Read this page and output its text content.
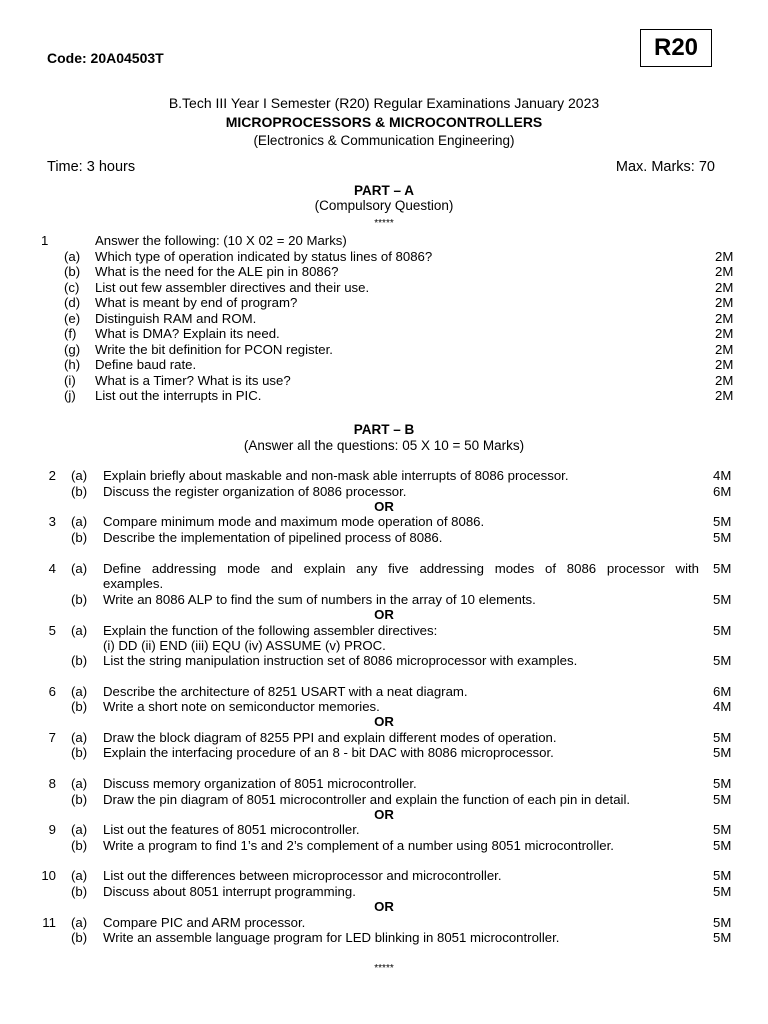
Code: 20A04503T	R20
B.Tech III Year I Semester (R20) Regular Examinations January 2023
MICROPROCESSORS & MICROCONTROLLERS
(Electronics & Communication Engineering)
Time: 3 hours	Max. Marks: 70
PART – A
(Compulsory Question)
*****
1	Answer the following: (10 X 02 = 20 Marks)
(a) Which type of operation indicated by status lines of 8086?	2M
(b) What is the need for the ALE pin in 8086?	2M
(c) List out few assembler directives and their use.	2M
(d) What is meant by end of program?	2M
(e) Distinguish RAM and ROM.	2M
(f) What is DMA? Explain its need.	2M
(g) Write the bit definition for PCON register.	2M
(h) Define baud rate.	2M
(i) What is a Timer? What is its use?	2M
(j) List out the interrupts in PIC.	2M
PART – B
(Answer all the questions: 05 X 10 = 50 Marks)
2 (a) Explain briefly about maskable and non-mask able interrupts of 8086 processor.	4M
(b) Discuss the register organization of 8086 processor.	6M
OR
3 (a) Compare minimum mode and maximum mode operation of 8086.	5M
(b) Describe the implementation of pipelined process of 8086.	5M
4 (a) Define addressing mode and explain any five addressing modes of 8086 processor with 5M
examples.
(b) Write an 8086 ALP to find the sum of numbers in the array of 10 elements.	5M
OR
5 (a) Explain the function of the following assembler directives:	5M
(i) DD (ii) END (iii) EQU (iv) ASSUME (v) PROC.
(b) List the string manipulation instruction set of 8086 microprocessor with examples.	5M
6 (a) Describe the architecture of 8251 USART with a neat diagram.	6M
(b) Write a short note on semiconductor memories.	4M
OR
7 (a) Draw the block diagram of 8255 PPI and explain different modes of operation.	5M
(b) Explain the interfacing procedure of an 8 - bit DAC with 8086 microprocessor.	5M
8 (a) Discuss memory organization of 8051 microcontroller.	5M
(b) Draw the pin diagram of 8051 microcontroller and explain the function of each pin in detail.	5M
OR
9 (a) List out the features of 8051 microcontroller.	5M
(b) Write a program to find 1’s and 2’s complement of a number using 8051 microcontroller.	5M
10 (a) List out the differences between microprocessor and microcontroller.	5M
(b) Discuss about 8051 interrupt programming.	5M
OR
11 (a) Compare PIC and ARM processor.	5M
(b) Write an assemble language program for LED blinking in 8051 microcontroller.	5M
*****
